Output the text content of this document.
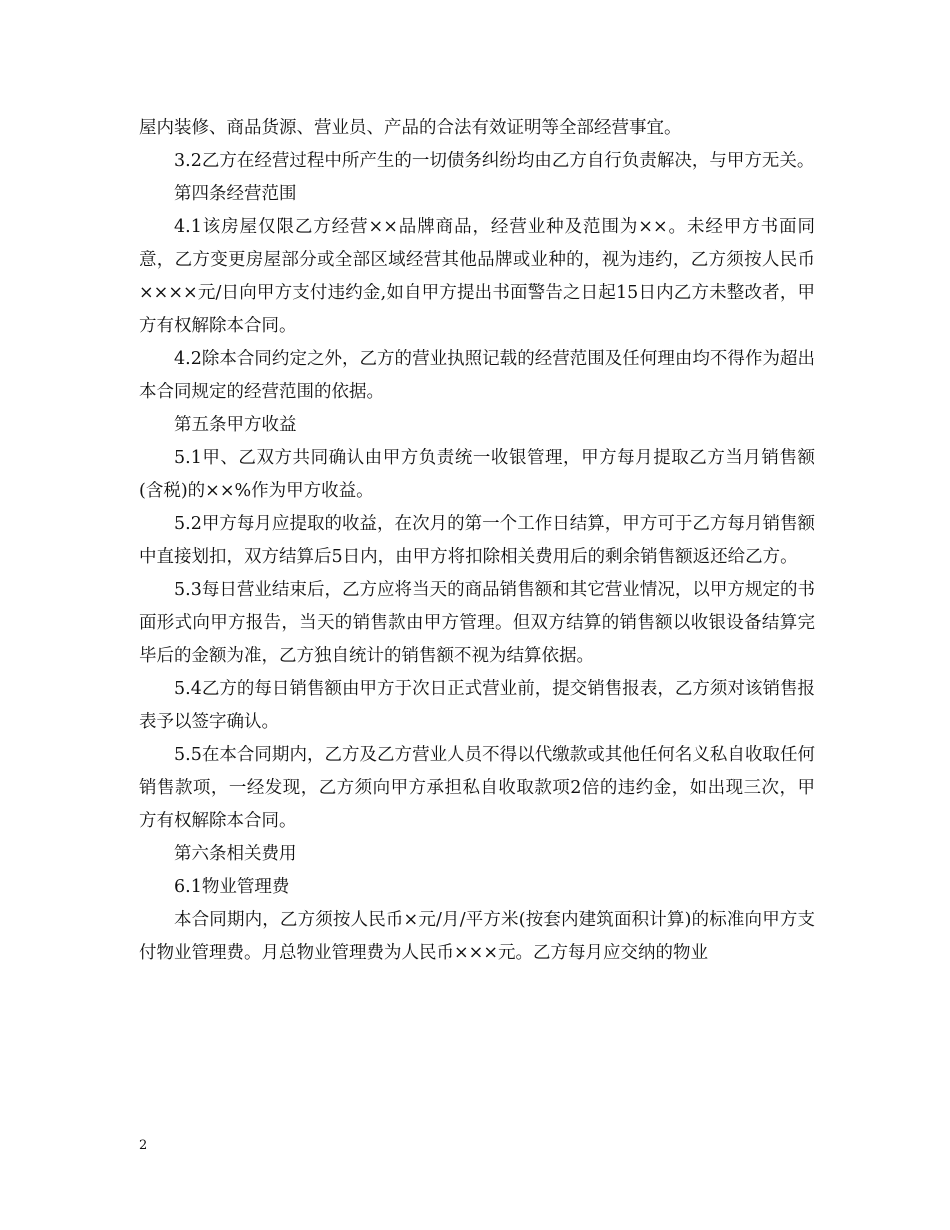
屋内装修、商品货源、营业员、产品的合法有效证明等全部经营事宜。

3.2乙方在经营过程中所产生的一切债务纠纷均由乙方自行负责解决，与甲方无关。

第四条经营范围

4.1该房屋仅限乙方经营××品牌商品，经营业种及范围为××。未经甲方书面同意，乙方变更房屋部分或全部区域经营其他品牌或业种的，视为违约，乙方须按人民币××××元/日向甲方支付违约金,如自甲方提出书面警告之日起15日内乙方未整改者，甲方有权解除本合同。

4.2除本合同约定之外，乙方的营业执照记载的经营范围及任何理由均不得作为超出本合同规定的经营范围的依据。

第五条甲方收益

5.1甲、乙双方共同确认由甲方负责统一收银管理，甲方每月提取乙方当月销售额(含税)的××%作为甲方收益。

5.2甲方每月应提取的收益，在次月的第一个工作日结算，甲方可于乙方每月销售额中直接划扣，双方结算后5日内，由甲方将扣除相关费用后的剩余销售额返还给乙方。

5.3每日营业结束后，乙方应将当天的商品销售额和其它营业情况，以甲方规定的书面形式向甲方报告，当天的销售款由甲方管理。但双方结算的销售额以收银设备结算完毕后的金额为准，乙方独自统计的销售额不视为结算依据。

5.4乙方的每日销售额由甲方于次日正式营业前，提交销售报表，乙方须对该销售报表予以签字确认。

5.5在本合同期内，乙方及乙方营业人员不得以代缴款或其他任何名义私自收取任何销售款项，一经发现，乙方须向甲方承担私自收取款项2倍的违约金，如出现三次，甲方有权解除本合同。

第六条相关费用

6.1物业管理费

本合同期内，乙方须按人民币×元/月/平方米(按套内建筑面积计算)的标准向甲方支付物业管理费。月总物业管理费为人民币×××元。乙方每月应交纳的物业

2
